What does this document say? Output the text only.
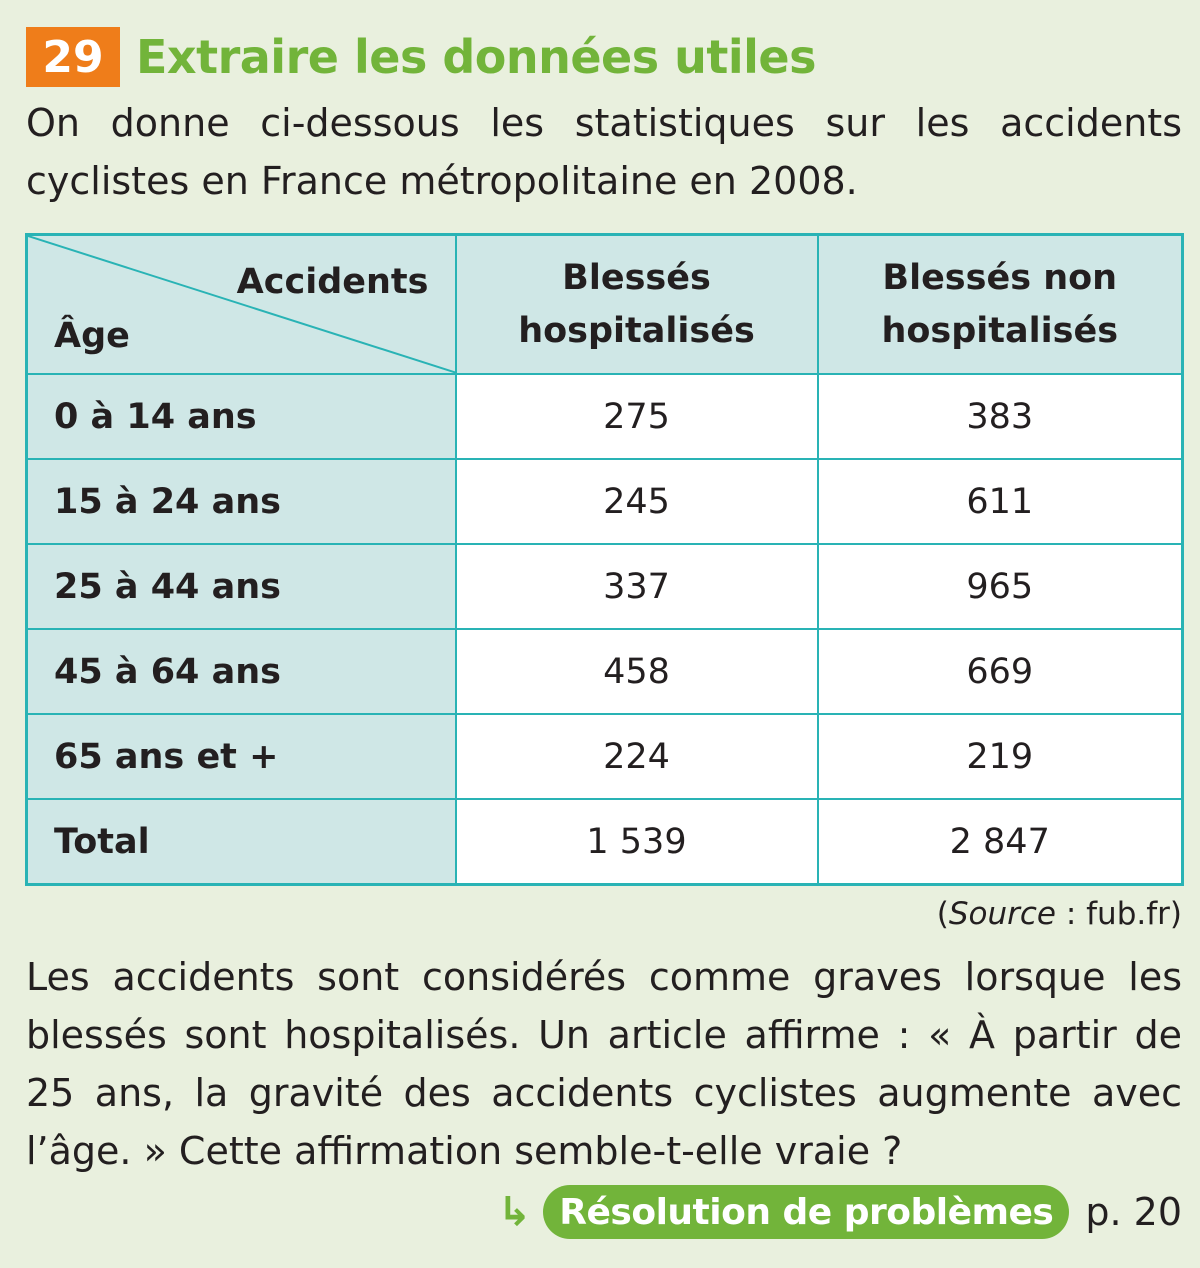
29 Extraire les données utiles
On donne ci-dessous les statistiques sur les accidents cyclistes en France métropolitaine en 2008.
Accidents
Âge	Blessés hospitalisés	Blessés non hospitalisés
0 à 14 ans	275	383
15 à 24 ans	245	611
25 à 44 ans	337	965
45 à 64 ans	458	669
65 ans et +	224	219
Total	1 539	2 847
(Source : fub.fr)
Les accidents sont considérés comme graves lorsque les blessés sont hospitalisés. Un article affirme : « À partir de 25 ans, la gravité des accidents cyclistes augmente avec l’âge. » Cette affirmation semble-t-elle vraie ?
↳ Résolution de problèmes p. 20
